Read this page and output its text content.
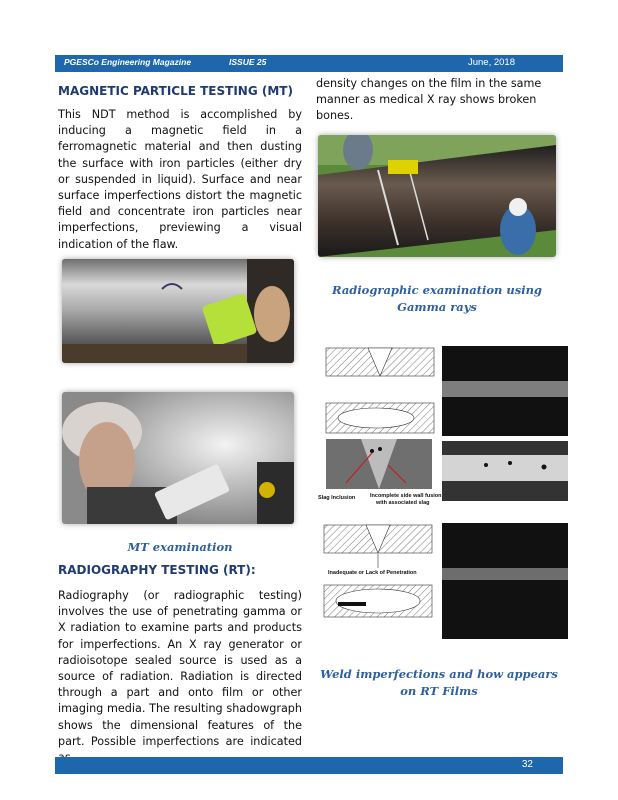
PGESCo Engineering Magazine	ISSUE 25	June, 2018
MAGNETIC PARTICLE TESTING (MT)
This NDT method is accomplished by inducing a magnetic field in a ferromagnetic material and then dusting the surface with iron particles (either dry or suspended in liquid). Surface and near surface imperfections distort the magnetic field and concentrate iron particles near imperfections, previewing a visual indication of the flaw.
MT examination
RADIOGRAPHY TESTING (RT):
Radiography (or radiographic testing) involves the use of penetrating gamma or X radiation to examine parts and products for imperfections. An X ray generator or radioisotope sealed source is used as a source of radiation. Radiation is directed through a part and onto film or other imaging media. The resulting shadowgraph shows the dimensional features of the part. Possible imperfections are indicated
density changes on the film in the same manner as medical X ray shows broken bones.
Radiographic examination using Gamma rays
Slag Inclusion	Incomplete side wall fusion
with associated slag
Inadequate or Lack of Penetration
Weld imperfections and how appears on RT Films
32
